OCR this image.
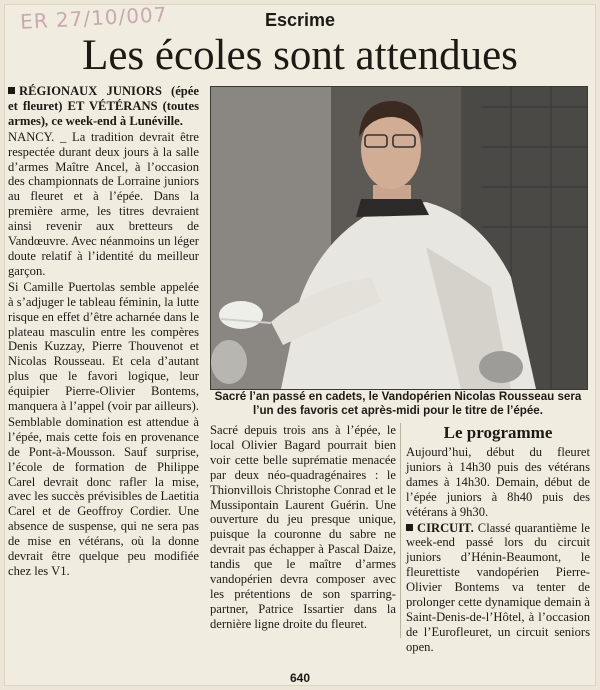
ER 27/10/007	Escrime
Les écoles sont attendues

RÉGIONAUX JUNIORS (épée et fleuret) ET VÉTÉRANS (toutes armes), ce week-end à Lunéville.

NANCY. _ La tradition devrait être respectée durant deux jours à la salle d’armes Maître Ancel, à l’occasion des championnats de Lorraine juniors au fleuret et à l’épée. Dans la première arme, les titres devraient ainsi revenir aux bretteurs de Vandœuvre. Avec néanmoins un léger doute relatif à l’identité du meilleur garçon.

Si Camille Puertolas semble appelée à s’adjuger le tableau féminin, la lutte risque en effet d’être acharnée dans le plateau masculin entre les compères Denis Kuzzay, Pierre Thouvenot et Nicolas Rousseau. Et cela d’autant plus que le favori logique, leur équipier Pierre-Olivier Bontems, manquera à l’appel (voir par ailleurs).

Semblable domination est attendue à l’épée, mais cette fois en provenance de Pont-à-Mousson. Sauf surprise, l’école de formation de Philippe Carel devrait donc rafler la mise, avec les succès prévisibles de Laetitia Carel et de Geoffroy Cordier. Une absence de suspense, qui ne sera pas de mise en vétérans, où la donne devrait être quelque peu modifiée chez les V1.

Sacré l’an passé en cadets, le Vandopérien Nicolas Rousseau sera l’un des favoris cet après-midi pour le titre de l’épée.

Sacré depuis trois ans à l’épée, le local Olivier Bagard pourrait bien voir cette belle suprématie menacée par deux néo-quadragénaires : le Thionvillois Christophe Conrad et le Mussipontain Laurent Guérin. Une ouverture du jeu presque unique, puisque la couronne du sabre ne devrait pas échapper à Pascal Daize, tandis que le maître d’armes vandopérien devra composer avec les prétentions de son sparring-partner, Patrice Issartier dans la dernière ligne droite du fleuret.

Le programme

Aujourd’hui, début du fleuret juniors à 14h30 puis des vétérans dames à 14h30. Demain, début de l’épée juniors à 8h40 puis des vétérans à 9h30.

CIRCUIT. Classé quarantième le week-end passé lors du circuit juniors d’Hénin-Beaumont, le fleurettiste vandopérien Pierre-Olivier Bontems va tenter de prolonger cette dynamique demain à Saint-Denis-de-l’Hôtel, à l’occasion de l’Eurofleuret, un circuit seniors open.

640
